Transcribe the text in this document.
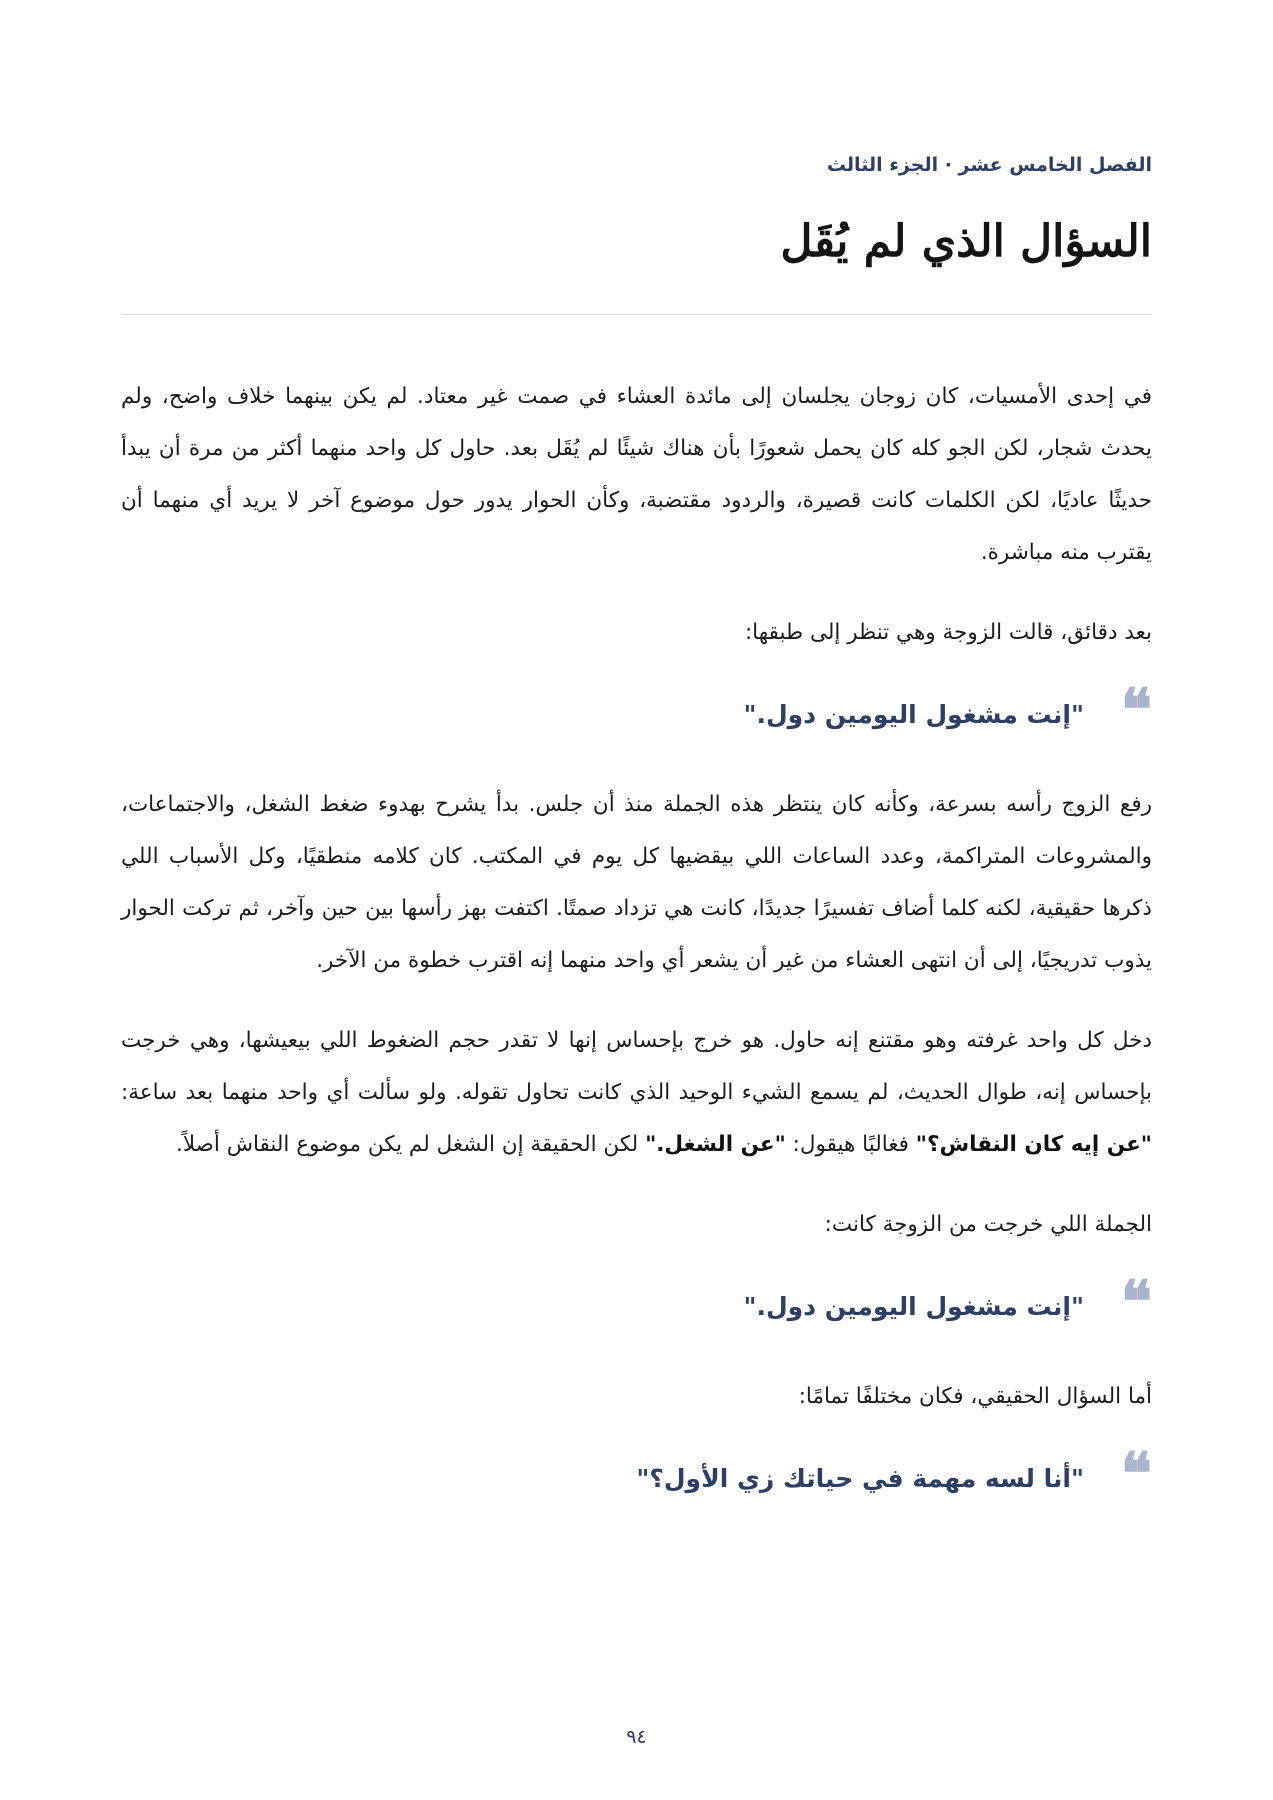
الفصل الخامس عشر · الجزء الثالث
السؤال الذي لم يُقَل

في إحدى الأمسيات، كان زوجان يجلسان إلى مائدة العشاء في صمت غير معتاد. لم يكن بينهما خلاف واضح، ولم يحدث شجار، لكن الجو كله كان يحمل شعورًا بأن هناك شيئًا لم يُقَل بعد. حاول كل واحد منهما أكثر من مرة أن يبدأ حديثًا عاديًا، لكن الكلمات كانت قصيرة، والردود مقتضبة، وكأن الحوار يدور حول موضوع آخر لا يريد أي منهما أن يقترب منه مباشرة.

بعد دقائق، قالت الزوجة وهي تنظر إلى طبقها:

❝
"إنت مشغول اليومين دول."

رفع الزوج رأسه بسرعة، وكأنه كان ينتظر هذه الجملة منذ أن جلس. بدأ يشرح بهدوء ضغط الشغل، والاجتماعات، والمشروعات المتراكمة، وعدد الساعات اللي بيقضيها كل يوم في المكتب. كان كلامه منطقيًا، وكل الأسباب اللي ذكرها حقيقية، لكنه كلما أضاف تفسيرًا جديدًا، كانت هي تزداد صمتًا. اكتفت بهز رأسها بين حين وآخر، ثم تركت الحوار يذوب تدريجيًا، إلى أن انتهى العشاء من غير أن يشعر أي واحد منهما إنه اقترب خطوة من الآخر.

دخل كل واحد غرفته وهو مقتنع إنه حاول. هو خرج بإحساس إنها لا تقدر حجم الضغوط اللي بيعيشها، وهي خرجت بإحساس إنه، طوال الحديث، لم يسمع الشيء الوحيد الذي كانت تحاول تقوله. ولو سألت أي واحد منهما بعد ساعة: "عن إيه كان النقاش؟" فغالبًا هيقول: "عن الشغل." لكن الحقيقة إن الشغل لم يكن موضوع النقاش أصلاً.

الجملة اللي خرجت من الزوجة كانت:

❝
"إنت مشغول اليومين دول."

أما السؤال الحقيقي، فكان مختلفًا تمامًا:

❝
"أنا لسه مهمة في حياتك زي الأول؟"
٩٤
